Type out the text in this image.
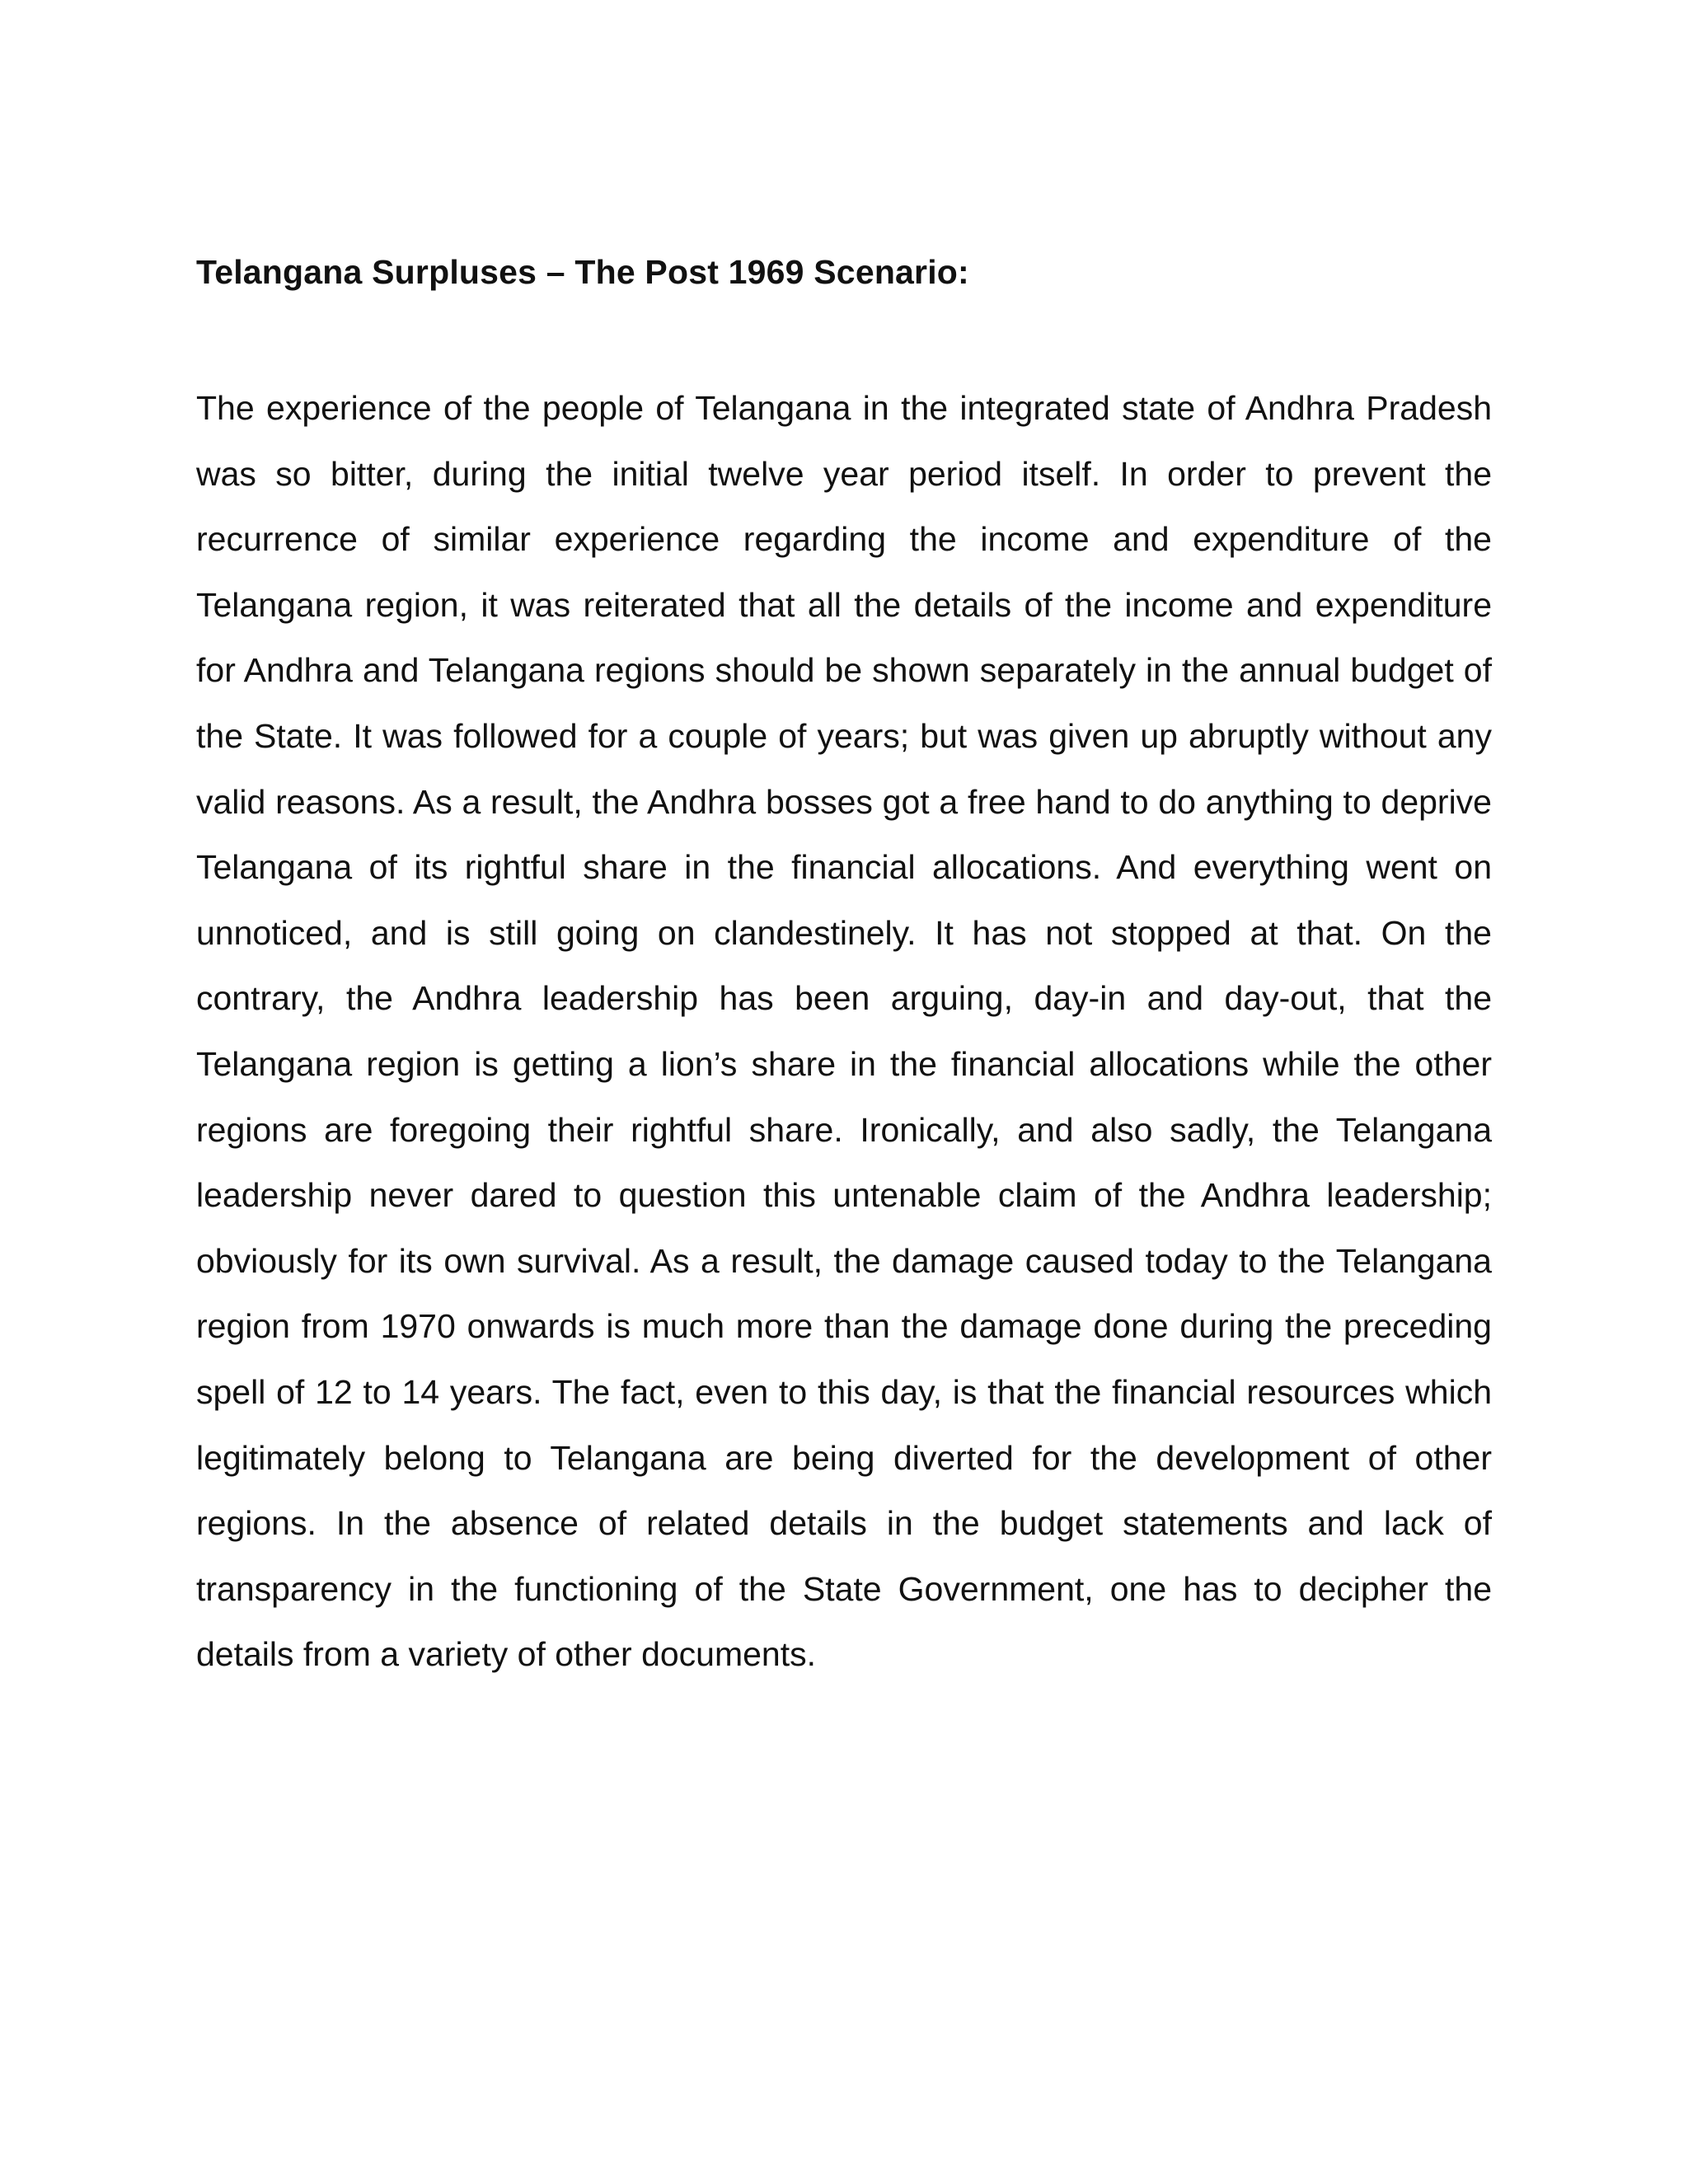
Telangana Surpluses – The Post 1969 Scenario:

The experience of the people of Telangana in the integrated state of Andhra Pradesh was so bitter, during the initial twelve year period itself. In order to prevent the recurrence of similar experience regarding the income and expenditure of the Telangana region, it was reiterated that all the details of the income and expenditure for Andhra and Telangana regions should be shown separately in the annual budget of the State. It was followed for a couple of years; but was given up abruptly without any valid reasons. As a result, the Andhra bosses got a free hand to do anything to deprive Telangana of its rightful share in the financial allocations. And everything went on unnoticed, and is still going on clandestinely. It has not stopped at that. On the contrary, the Andhra leadership has been arguing, day-in and day-out, that the Telangana region is getting a lion’s share in the financial allocations while the other regions are foregoing their rightful share. Ironically, and also sadly, the Telangana leadership never dared to question this untenable claim of the Andhra leadership; obviously for its own survival. As a result, the damage caused today to the Telangana region from 1970 onwards is much more than the damage done during the preceding spell of 12 to 14 years. The fact, even to this day, is that the financial resources which legitimately belong to Telangana are being diverted for the development of other regions. In the absence of related details in the budget statements and lack of transparency in the functioning of the State Government, one has to decipher the details from a variety of other documents.
